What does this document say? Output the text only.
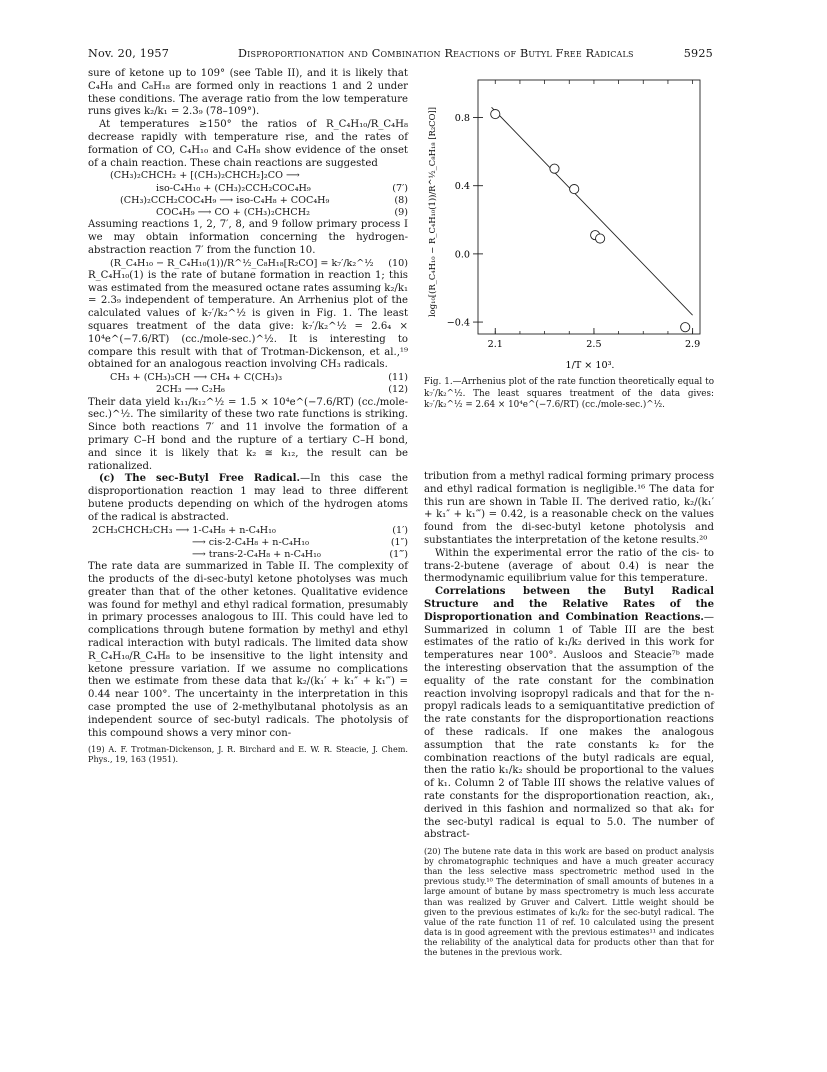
Nov. 20, 1957	Disproportionation and Combination Reactions of Butyl Free Radicals	5925

sure of ketone up to 109° (see Table II), and it is likely that C₄H₈ and C₈H₁₈ are formed only in reactions 1 and 2 under these conditions. The average ratio from the low temperature runs gives k₂/k₁ = 2.3₉ (78–109°).

At temperatures ≥150° the ratios of R_C₄H₁₀/R_C₄H₈ decrease rapidly with temperature rise, and the rates of formation of CO, C₄H₁₀ and C₄H₈ show evidence of the onset of a chain reaction. These chain reactions are suggested

(CH₃)₂CHCH₂ + [(CH₃)₂CHCH₂]₂CO ⟶
iso-C₄H₁₀ + (CH₃)₂CCH₂COC₄H₉	(7′)
(CH₃)₂CCH₂COC₄H₉ ⟶ iso-C₄H₈ + COC₄H₉	(8)
COC₄H₉ ⟶ CO + (CH₃)₂CHCH₂	(9)

Assuming reactions 1, 2, 7′, 8, and 9 follow primary process I we may obtain information concerning the hydrogen-abstraction reaction 7′ from the function 10.

(R_C₄H₁₀ − R_C₄H₁₀(1))/R^½_C₈H₁₈[R₂CO] = k₇′/k₂^½	(10)

R_C₄H₁₀(1) is the rate of butane formation in reaction 1; this was estimated from the measured octane rates assuming k₂/k₁ = 2.3₉ independent of temperature. An Arrhenius plot of the calculated values of k₇′/k₂^½ is given in Fig. 1. The least squares treatment of the data give: k₇′/k₂^½ = 2.6₄ × 10⁴e^(−7.6/RT) (cc./mole-sec.)^½. It is interesting to compare this result with that of Trotman-Dickenson, et al.,¹⁹ obtained for an analogous reaction involving CH₃ radicals.

CH₃ + (CH₃)₃CH ⟶ CH₄ + C(CH₃)₃	(11)
2CH₃ ⟶ C₂H₆	(12)

Their data yield k₁₁/k₁₂^½ = 1.5 × 10⁴e^(−7.6/RT) (cc./mole-sec.)^½. The similarity of these two rate functions is striking. Since both reactions 7′ and 11 involve the formation of a primary C–H bond and the rupture of a tertiary C–H bond, and since it is likely that k₂ ≅ k₁₂, the result can be rationalized.

(c) The sec-Butyl Free Radical.—In this case the disproportionation reaction 1 may lead to three different butene products depending on which of the hydrogen atoms of the radical is abstracted.

2CH₃CHCH₂CH₃ ⟶ 1-C₄H₈ + n-C₄H₁₀	(1′)
⟶ cis-2-C₄H₈ + n-C₄H₁₀	(1″)
⟶ trans-2-C₄H₈ + n-C₄H₁₀	(1‴)

The rate data are summarized in Table II. The complexity of the products of the di-sec-butyl ketone photolyses was much greater than that of the other ketones. Qualitative evidence was found for methyl and ethyl radical formation, presumably in primary processes analogous to III. This could have led to complications through butene formation by methyl and ethyl radical interaction with butyl radicals. The limited data show R_C₄H₁₀/R_C₄H₈ to be insensitive to the light intensity and ketone pressure variation. If we assume no complications then we estimate from these data that k₂/(k₁′ + k₁″ + k₁‴) = 0.44 near 100°. The uncertainty in the interpretation in this case prompted the use of 2-methylbutanal photolysis as an independent source of sec-butyl radicals. The photolysis of this compound shows a very minor con-

(19) A. F. Trotman-Dickenson, J. R. Birchard and E. W. R. Steacie, J. Chem. Phys., 19, 163 (1951).
0.8
0.4
0.0
−0.4
2.1	2.5	2.9
1/T × 10³.
log₁₀[(R_C₄H₁₀ − R_C₄H₁₀(1))/R^½_C₈H₁₈ [R₂CO]]
Fig. 1.—Arrhenius plot of the rate function theoretically equal to k₇′/k₂^½. The least squares treatment of the data gives: k₇′/k₂^½ = 2.64 × 10⁴e^(−7.6/RT) (cc./mole-sec.)^½.

tribution from a methyl radical forming primary process and ethyl radical formation is negligible.¹⁶ The data for this run are shown in Table II. The derived ratio, k₂/(k₁′ + k₁″ + k₁‴) = 0.42, is a reasonable check on the values found from the di-sec-butyl ketone photolysis and substantiates the interpretation of the ketone results.²⁰

Within the experimental error the ratio of the cis- to trans-2-butene (average of about 0.4) is near the thermodynamic equilibrium value for this temperature.

Correlations between the Butyl Radical Structure and the Relative Rates of the Disproportionation and Combination Reactions.—Summarized in column 1 of Table III are the best estimates of the ratio of k₁/k₂ derived in this work for temperatures near 100°. Ausloos and Steacie⁷ᵇ made the interesting observation that the assumption of the equality of the rate constant for the combination reaction involving isopropyl radicals and that for the n-propyl radicals leads to a semiquantitative prediction of the rate constants for the disproportionation reactions of these radicals. If one makes the analogous assumption that the rate constants k₂ for the combination reactions of the butyl radicals are equal, then the ratio k₁/k₂ should be proportional to the values of k₁. Column 2 of Table III shows the relative values of rate constants for the disproportionation reaction, ak₁, derived in this fashion and normalized so that ak₁ for the sec-butyl radical is equal to 5.0. The number of abstract-

(20) The butene rate data in this work are based on product analysis by chromatographic techniques and have a much greater accuracy than the less selective mass spectrometric method used in the previous study.¹⁰ The determination of small amounts of butenes in a large amount of butane by mass spectrometry is much less accurate than was realized by Gruver and Calvert. Little weight should be given to the previous estimates of k₁/k₂ for the sec-butyl radical. The value of the rate function 11 of ref. 10 calculated using the present data is in good agreement with the previous estimates¹¹ and indicates the reliability of the analytical data for products other than that for the butenes in the previous work.
